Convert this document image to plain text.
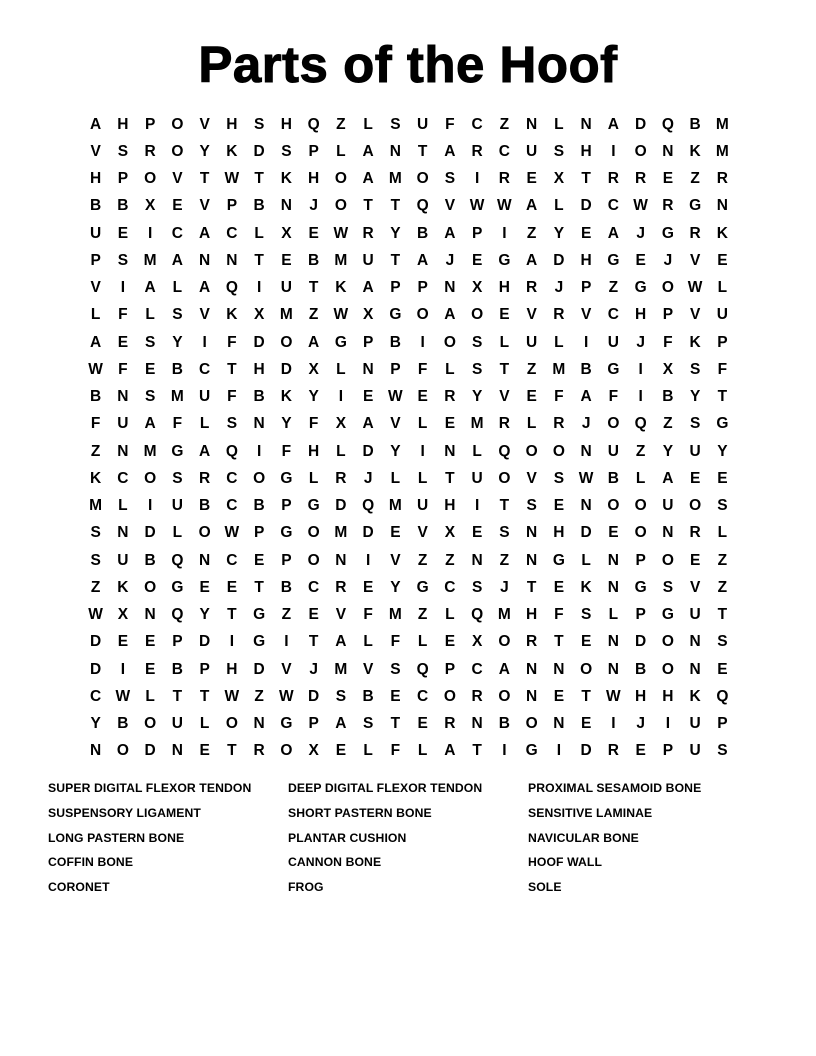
Parts of the Hoof
A	H	P	O	V	H	S	H	Q	Z	L	S	U	F	C	Z	N	L	N	A	D	Q	B M
V	S	R	O	Y	K	D	S	P	L	A	N	T	A	R	C	U	S	H	I	O	N	K M
H	P	O	V	T W T	K	H	O	A M O	S	I	R	E	X	T	R	R	E	Z	R
B	B	X	E	V	P	B	N	J	O	T	T	Q	V W W A	L	D	C W R	G	N
U	E	I	C	A	C	L	X	E W R	Y	B	A	P	I	Z	Y	E	A	J	G	R	K
P	S	M A	N	N	T	E	B M U	T	A	J	E	G	A	D	H	G	E	J	V	E
V	I	A	L	A	Q	I	U	T	K	A	P	P	N	X	H	R	J	P	Z	G O W L
L	F	L	S	V	K	X	M	Z W X	G O	A	O	E	V	R	V	C	H	P	V	U
A	E	S	Y	I	F	D	O	A	G	P	B	I	O	S	L	U	L	I	U	J	F	K	P
W F	E	B	C	T	H	D	X	L	N	P	F	L	S	T	Z	M B	G	I	X	S	F
B	N	S	M U	F	B	K	Y	I	E W E	R	Y	V	E	F	A	F	I	B	Y	T
F	U	A	F	L	S	N	Y	F	X	A	V	L	E	M R	L	R	J	O Q	Z	S	G
Z	N M G	A	Q	I	F	H	L	D	Y	I	N	L	Q O O	N	U	Z	Y	U	Y
K	C	O	S	R	C	O G	L	R	J	L	L	T	U	O	V	S W B	L	A	E	E
M	L	I	U	B	C	B	P	G	D	Q M U	H	I	T	S	E	N	O O	U	O	S
S	N	D	L	O W P	G O M D	E	V	X	E	S	N	H	D	E	O	N	R	L
S	U	B	Q	N	C	E	P	O	N	I	V	Z	Z	N	Z	N	G	L	N	P	O	E	Z
Z	K	O G	E	E	T	B	C	R	E	Y	G	C	S	J	T	E	K	N	G	S	V	Z
W X	N	Q	Y	T	G	Z	E	V	F	M	Z	L	Q M H	F	S	L	P	G	U	T
D	E	E	P	D	I	G	I	T	A	L	F	L	E	X	O	R	T	E	N	D	O	N	S
D	I	E	B	P	H	D	V	J	M	V	S	Q	P	C	A	N	N	O	N	B	O	N	E
C W L	T	T W Z W D	S	B	E	C	O	R	O	N	E	T W H	H	K	Q
Y	B	O	U	L	O	N	G	P	A	S	T	E	R	N	B	O	N	E	I	J	I	U	P
N	O	D	N	E	T	R	O	X	E	L	F	L	A	T	I	G	I	D	R	E	P	U	S
SUPER DIGITAL FLEXOR TENDON	DEEP DIGITAL FLEXOR TENDON	PROXIMAL SESAMOID BONE
SUSPENSORY LIGAMENT	SHORT PASTERN BONE	SENSITIVE LAMINAE
LONG PASTERN BONE	PLANTAR CUSHION	NAVICULAR BONE
COFFIN BONE	CANNON BONE	HOOF WALL
CORONET	FROG	SOLE
